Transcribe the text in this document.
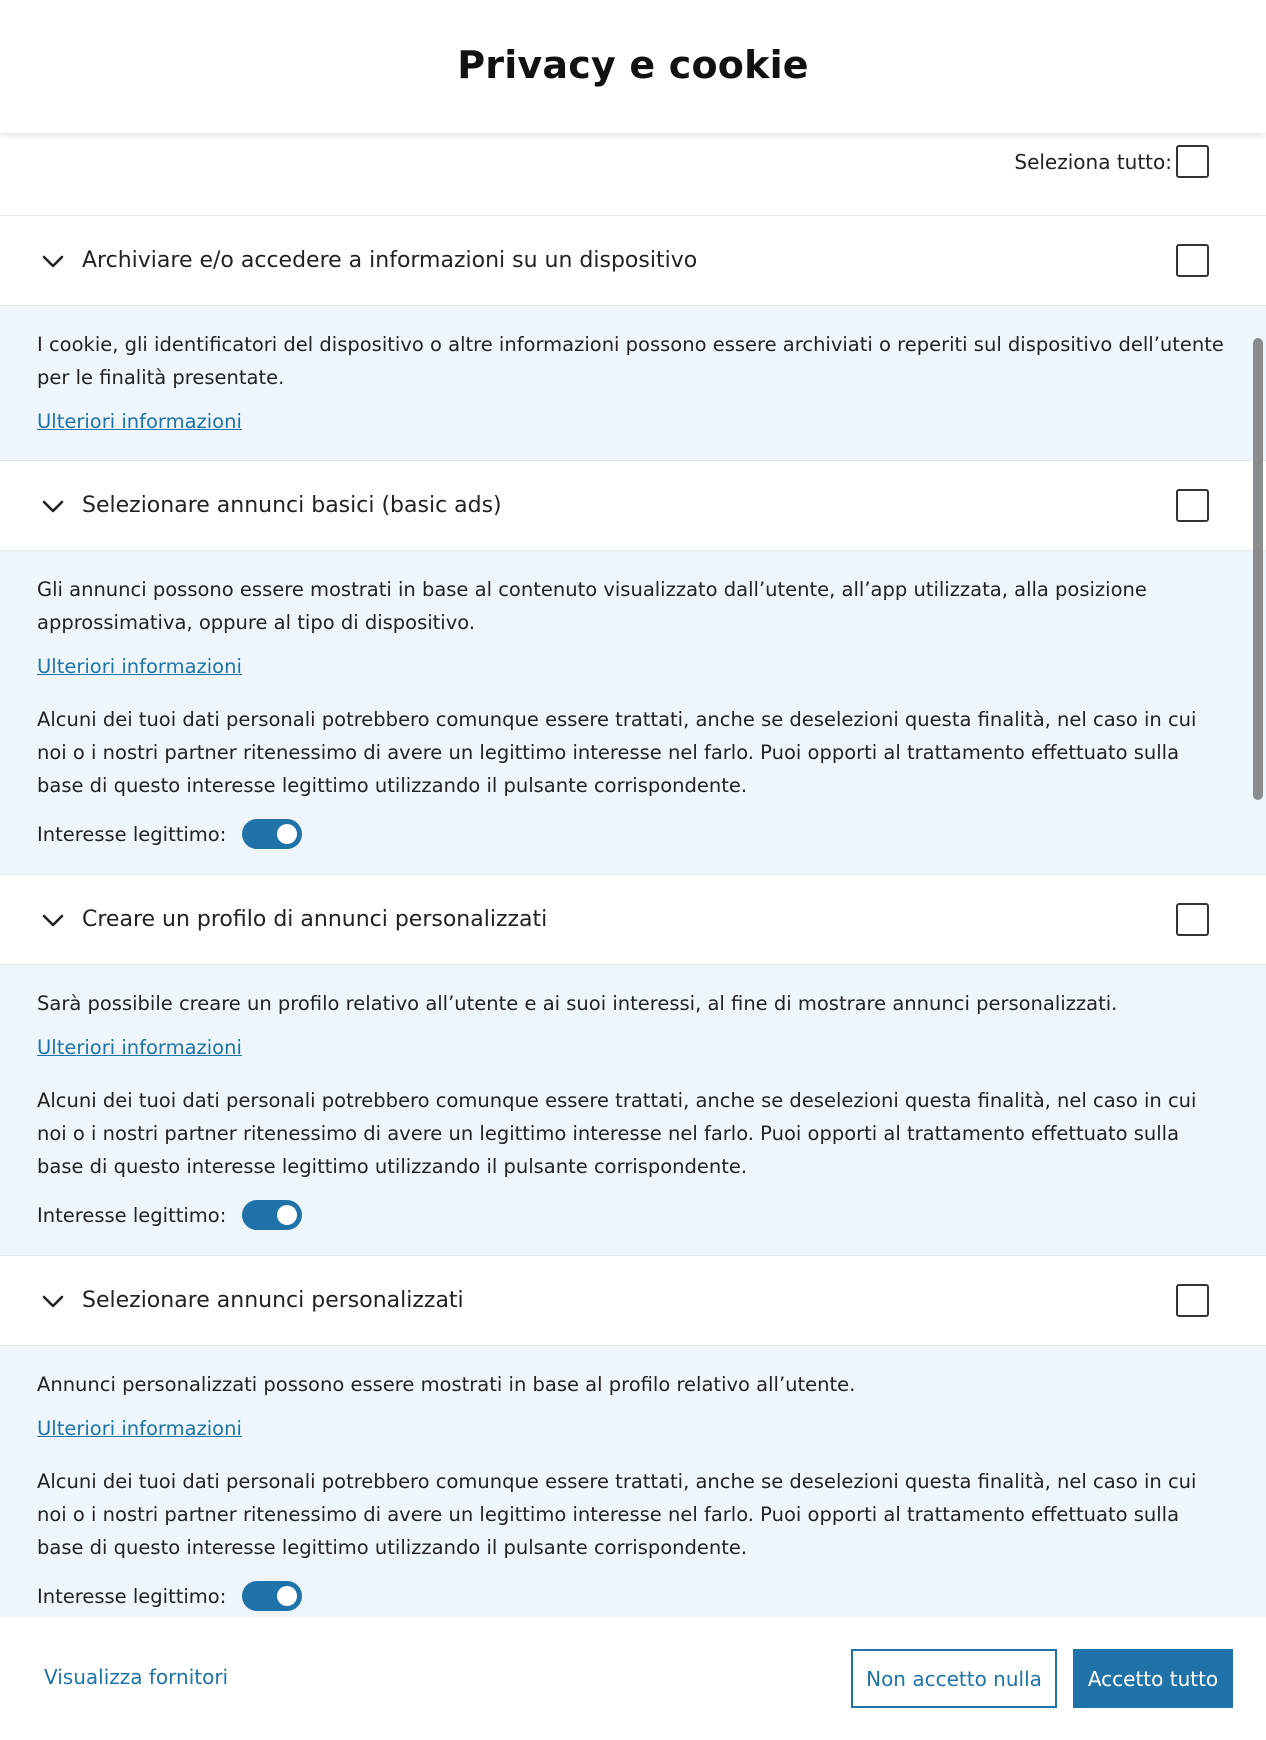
Privacy e cookie
Seleziona tutto:
Archiviare e/o accedere a informazioni su un dispositivo

I cookie, gli identificatori del dispositivo o altre informazioni possono essere archiviati o reperiti sul dispositivo dell’utente per le finalità presentate.

Ulteriori informazioni
Selezionare annunci basici (basic ads)

Gli annunci possono essere mostrati in base al contenuto visualizzato dall’utente, all’app utilizzata, alla posizione approssimativa, oppure al tipo di dispositivo.

Ulteriori informazioni

Alcuni dei tuoi dati personali potrebbero comunque essere trattati, anche se deselezioni questa finalità, nel caso in cui noi o i nostri partner ritenessimo di avere un legittimo interesse nel farlo. Puoi opporti al trattamento effettuato sulla base di questo interesse legittimo utilizzando il pulsante corrispondente.

Interesse legittimo:
Creare un profilo di annunci personalizzati

Sarà possibile creare un profilo relativo all’utente e ai suoi interessi, al fine di mostrare annunci personalizzati.

Ulteriori informazioni

Alcuni dei tuoi dati personali potrebbero comunque essere trattati, anche se deselezioni questa finalità, nel caso in cui noi o i nostri partner ritenessimo di avere un legittimo interesse nel farlo. Puoi opporti al trattamento effettuato sulla base di questo interesse legittimo utilizzando il pulsante corrispondente.

Interesse legittimo:
Selezionare annunci personalizzati

Annunci personalizzati possono essere mostrati in base al profilo relativo all’utente.

Ulteriori informazioni

Alcuni dei tuoi dati personali potrebbero comunque essere trattati, anche se deselezioni questa finalità, nel caso in cui noi o i nostri partner ritenessimo di avere un legittimo interesse nel farlo. Puoi opporti al trattamento effettuato sulla base di questo interesse legittimo utilizzando il pulsante corrispondente.

Interesse legittimo:
Visualizza fornitori	Non accetto nulla	Accetto tutto
